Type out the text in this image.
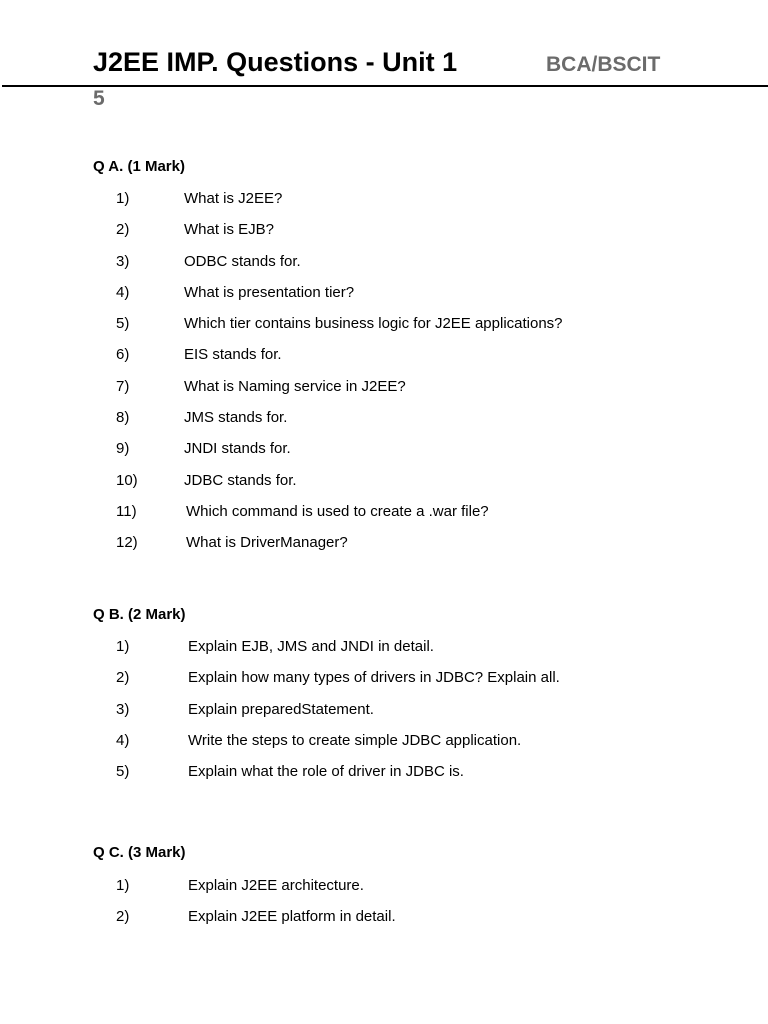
J2EE IMP. Questions - Unit 1	BCA/BSCIT
5
Q A. (1 Mark)
1)	What is J2EE?
2)	What is EJB?
3)	ODBC stands for.
4)	What is presentation tier?
5)	Which tier contains business logic for J2EE applications?
6)	EIS stands for.
7)	What is Naming service in J2EE?
8)	JMS stands for.
9)	JNDI stands for.
10)	JDBC stands for.
11)	Which command is used to create a .war file?
12)	What is DriverManager?
Q B. (2 Mark)
1)	Explain EJB, JMS and JNDI in detail.
2)	Explain how many types of drivers in JDBC? Explain all.
3)	Explain preparedStatement.
4)	Write the steps to create simple JDBC application.
5)	Explain what the role of driver in JDBC is.
Q C. (3 Mark)
1)	Explain J2EE architecture.
2)	Explain J2EE platform in detail.
